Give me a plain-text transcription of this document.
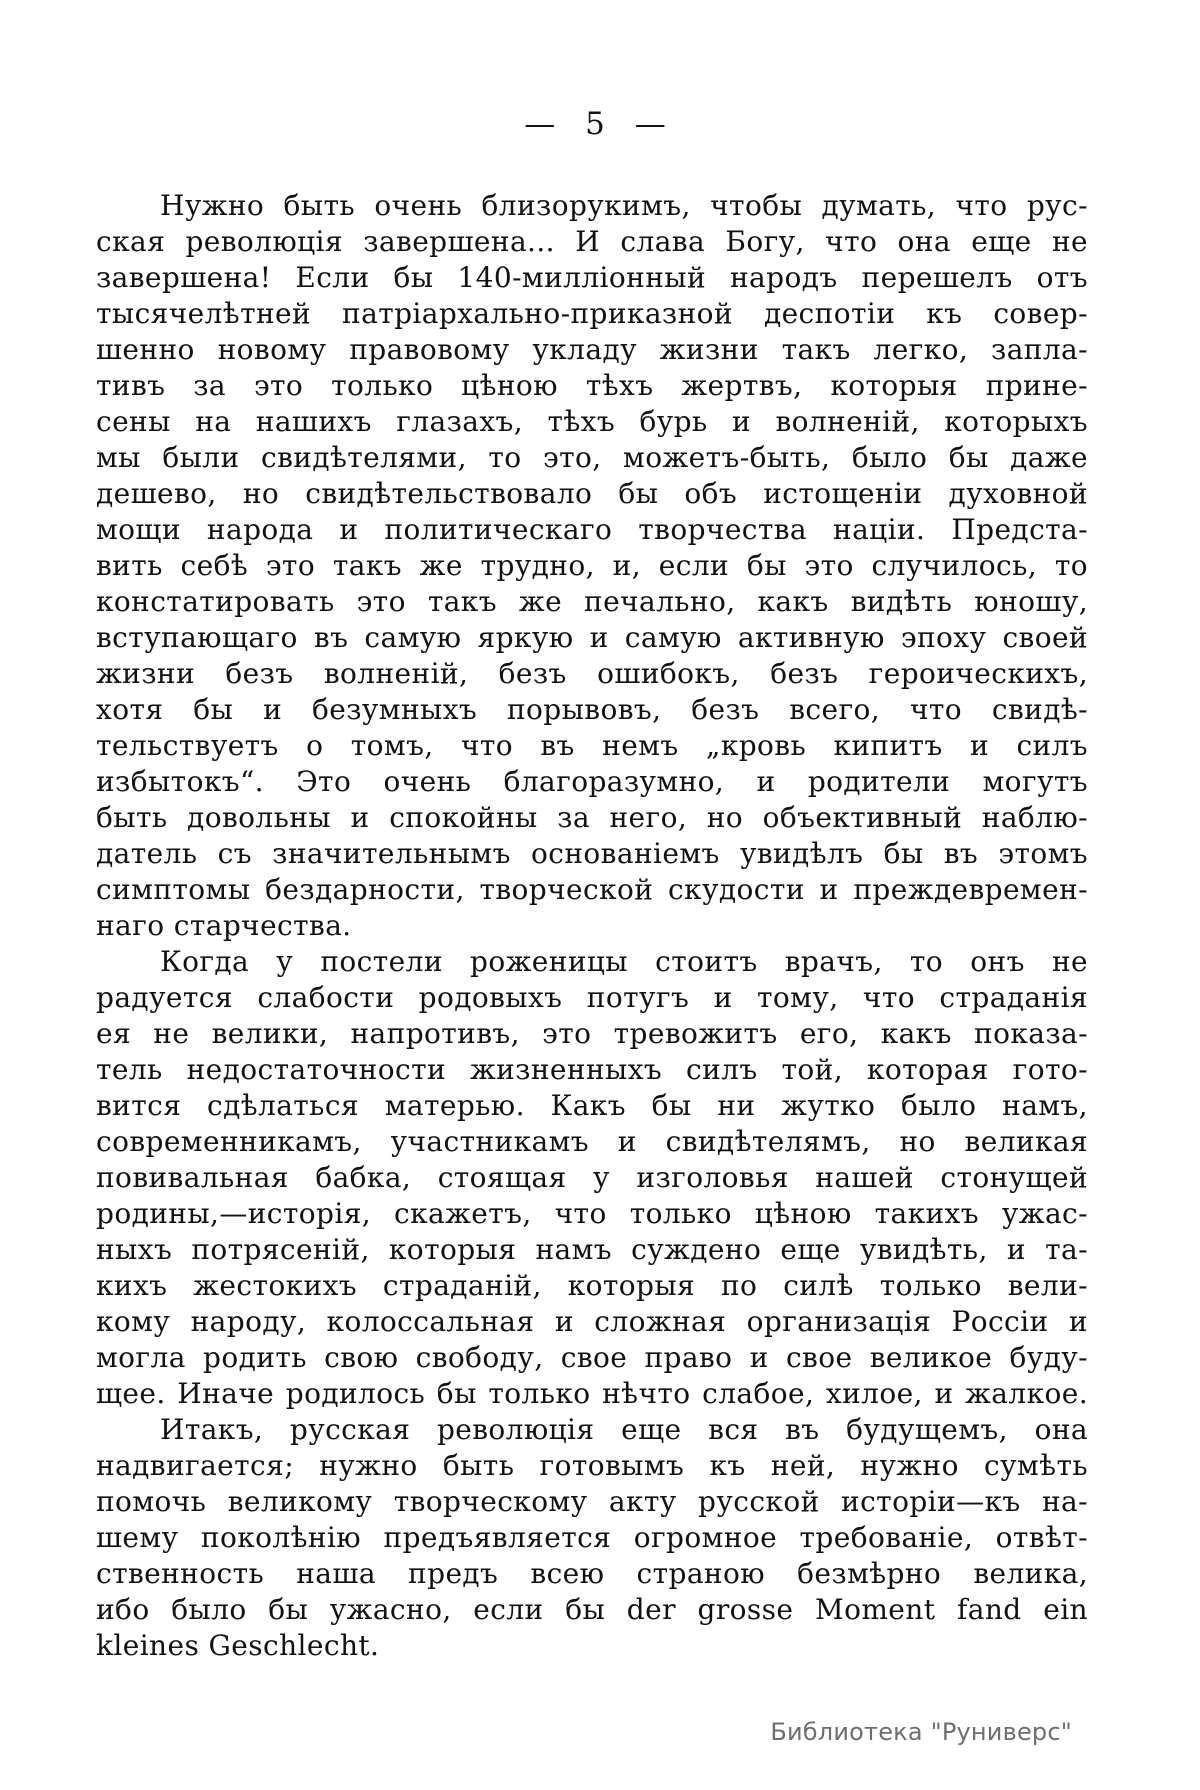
— 5 —
Нужно быть очень близорукимъ, чтобы думать, что рус-
ская революція завершена... И слава Богу, что она еще не
завершена! Если бы 140-милліонный народъ перешелъ отъ
тысячелѣтней патріархально-приказной деспотіи къ совер-
шенно новому правовому укладу жизни такъ легко, запла-
тивъ за это только цѣною тѣхъ жертвъ, которыя прине-
сены на нашихъ глазахъ, тѣхъ бурь и волненій, которыхъ
мы были свидѣтелями, то это, можетъ-быть, было бы даже
дешево, но свидѣтельствовало бы объ истощеніи духовной
мощи народа и политическаго творчества націи. Предста-
вить себѣ это такъ же трудно, и, если бы это случилось, то
констатировать это такъ же печально, какъ видѣть юношу,
вступающаго въ самую яркую и самую активную эпоху своей
жизни безъ волненій, безъ ошибокъ, безъ героическихъ,
хотя бы и безумныхъ порывовъ, безъ всего, что свидѣ-
тельствуетъ о томъ, что въ немъ „кровь кипитъ и силъ
избытокъ“. Это очень благоразумно, и родители могутъ
быть довольны и спокойны за него, но объективный наблю-
датель съ значительнымъ основаніемъ увидѣлъ бы въ этомъ
симптомы бездарности, творческой скудости и преждевремен-
наго старчества.
Когда у постели роженицы стоитъ врачъ, то онъ не
радуется слабости родовыхъ потугъ и тому, что страданія
ея не велики, напротивъ, это тревожитъ его, какъ показа-
тель недостаточности жизненныхъ силъ той, которая гото-
вится сдѣлаться матерью. Какъ бы ни жутко было намъ,
современникамъ, участникамъ и свидѣтелямъ, но великая
повивальная бабка, стоящая у изголовья нашей стонущей
родины,—исторія, скажетъ, что только цѣною такихъ ужас-
ныхъ потрясеній, которыя намъ суждено еще увидѣть, и та-
кихъ жестокихъ страданій, которыя по силѣ только вели-
кому народу, колоссальная и сложная организація Россіи и
могла родить свою свободу, свое право и свое великое буду-
щее. Иначе родилось бы только нѣчто слабое, хилое, и жалкое.
Итакъ, русская революція еще вся въ будущемъ, она
надвигается; нужно быть готовымъ къ ней, нужно сумѣть
помочь великому творческому акту русской исторіи—къ на-
шему поколѣнію предъявляется огромное требованіе, отвѣт-
ственность наша предъ всею страною безмѣрно велика,
ибо было бы ужасно, если бы der grosse Moment fand ein
kleines Geschlecht.
Библиотека "Руниверс"
